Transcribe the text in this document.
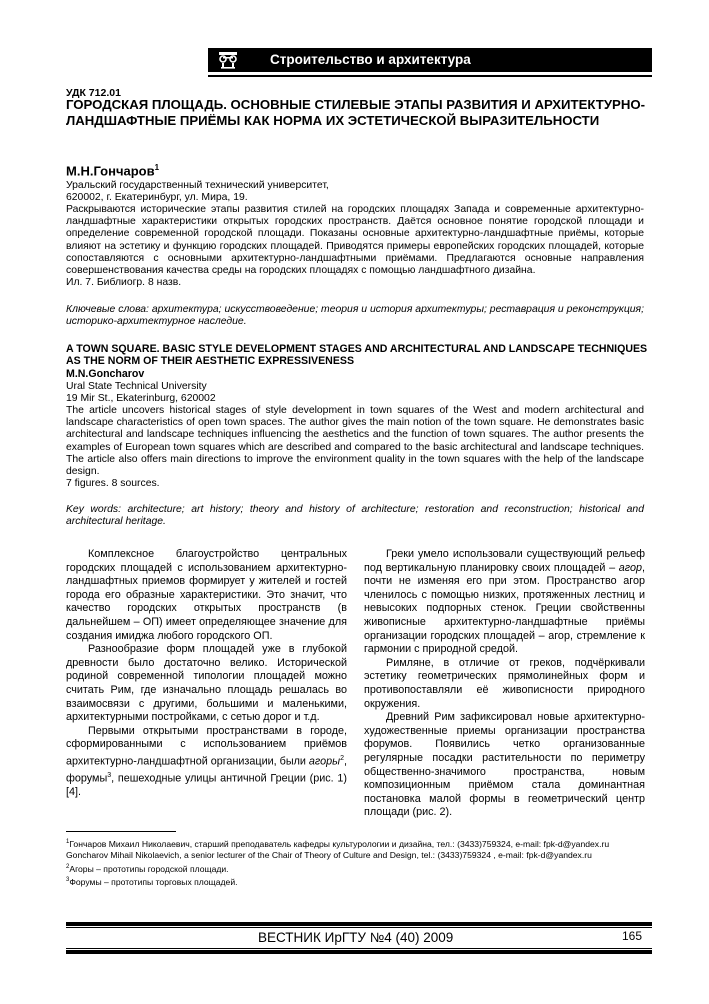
Строительство и архитектура
УДК 712.01
ГОРОДСКАЯ ПЛОЩАДЬ. ОСНОВНЫЕ СТИЛЕВЫЕ ЭТАПЫ РАЗВИТИЯ И АРХИТЕКТУРНО-ЛАНДШАФТНЫЕ ПРИЁМЫ КАК НОРМА ИХ ЭСТЕТИЧЕСКОЙ ВЫРАЗИТЕЛЬНОСТИ
М.Н.Гончаров$^1$
Уральский государственный технический университет,
620002, г. Екатеринбург, ул. Мира, 19.
Раскрываются исторические этапы развития стилей на городских площадях Запада и современные архитектурно-ландшафтные характеристики открытых городских пространств. Даётся основное понятие городской площади и определение современной городской площади. Показаны основные архитектурно-ландшафтные приёмы, которые влияют на эстетику и функцию городских площадей. Приводятся примеры европейских городских площадей, которые сопоставляются с основными архитектурно-ландшафтными приёмами. Предлагаются основные направления совершенствования качества среды на городских площадях с помощью ландшафтного дизайна.
Ил. 7. Библиогр. 8 назв.
Ключевые слова: архитектура; искусствоведение; теория и история архитектуры; реставрация и реконструкция; историко-архитектурное наследие.
A TOWN SQUARE. BASIC STYLE DEVELOPMENT STAGES AND ARCHITECTURAL AND LANDSCAPE TECHNIQUES AS THE NORM OF THEIR AESTHETIC EXPRESSIVENESS
M.N.Goncharov
Ural State Technical University
19 Mir St., Ekaterinburg, 620002
The article uncovers historical stages of style development in town squares of the West and modern architectural and landscape characteristics of open town spaces. The author gives the main notion of the town square. He demonstrates basic architectural and landscape techniques influencing the aesthetics and the function of town squares. The author presents the examples of European town squares which are described and compared to the basic architectural and landscape techniques. The article also offers main directions to improve the environment quality in the town squares with the help of the landscape design.
7 figures. 8 sources.
Key words: architecture; art history; theory and history of architecture; restoration and reconstruction; historical and architectural heritage.

Комплексное благоустройство центральных городских площадей с использованием архитектурно-ландшафтных приемов формирует у жителей и гостей города его образные характеристики. Это значит, что качество городских открытых пространств (в дальнейшем – ОП) имеет определяющее значение для создания имиджа любого городского ОП.

Разнообразие форм площадей уже в глубокой древности было достаточно велико. Исторической родиной современной типологии площадей можно считать Рим, где изначально площадь решалась во взаимосвязи с другими, большими и маленькими, архитектурными постройками, с сетью дорог и т.д.

Первыми открытыми пространствами в городе, сформированными с использованием приёмов архитектурно-ландшафтной организации, были агоры$^2$, форумы$^3$, пешеходные улицы античной Греции (рис. 1) [4].

Греки умело использовали существующий рельеф под вертикальную планировку своих площадей – агор, почти не изменяя его при этом. Пространство агор членилось с помощью низких, протяженных лестниц и невысоких подпорных стенок. Греции свойственны живописные архитектурно-ландшафтные приёмы организации городских площадей – агор, стремление к гармонии с природной средой.

Римляне, в отличие от греков, подчёркивали эстетику геометрических прямолинейных форм и противопоставляли её живописности природного окружения.

Древний Рим зафиксировал новые архитектурно-художественные приемы организации пространства форумов. Появились четко организованные регулярные посадки растительности по периметру общественно-значимого пространства, новым композиционным приёмом стала доминантная постановка малой формы в геометрический центр площади (рис. 2).

$^1$Гончаров Михаил Николаевич, старший преподаватель кафедры культурологии и дизайна, тел.: (3433)759324, e-mail: fpk-d@yandex.ru
Goncharov Mihail Nikolaevich, a senior lecturer of the Chair of Theory of Culture and Design, tel.: (3433)759324 , e-mail: fpk-d@yandex.ru
$^2$Агоры – прототипы городской площади.
$^3$Форумы – прототипы торговых площадей.
ВЕСТНИК ИрГТУ №4 (40) 2009	165
